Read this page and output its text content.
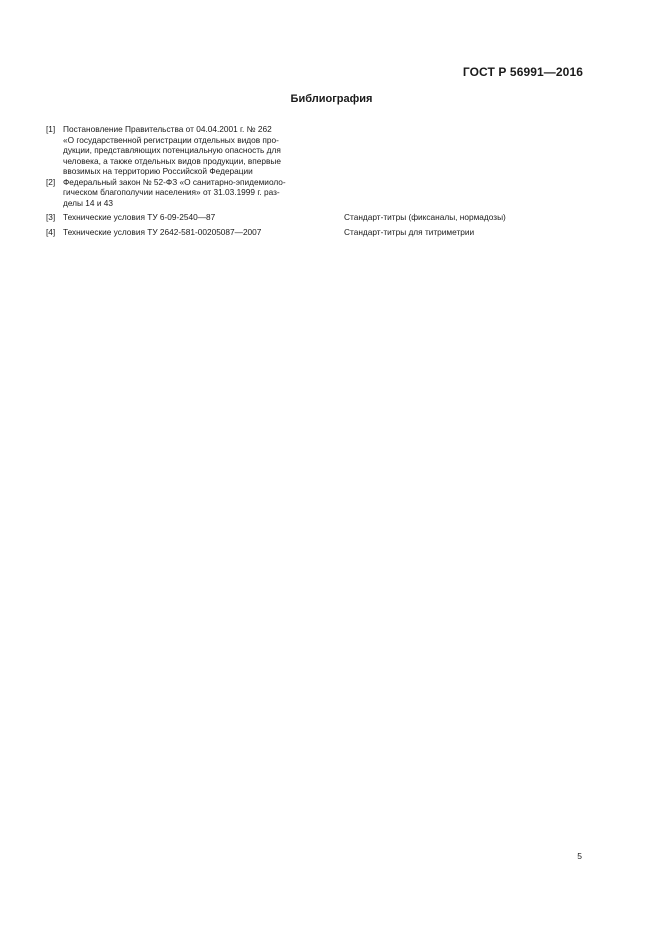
ГОСТ Р 56991—2016
Библиография
[1] Постановление Правительства от 04.04.2001 г. № 262
«О государственной регистрации отдельных видов про-
дукции, представляющих потенциальную опасность для
человека, а также отдельных видов продукции, впервые
ввозимых на территорию Российской Федерации
[2] Федеральный закон № 52-ФЗ «О санитарно-эпидемиоло-
гическом благополучии населения» от 31.03.1999 г. раз-
делы 14 и 43
[3] Технические условия ТУ 6-09-2540—87	Стандарт-титры (фиксаналы, нормадозы)
[4] Технические условия ТУ 2642-581-00205087—2007	Стандарт-титры для титриметрии
5
